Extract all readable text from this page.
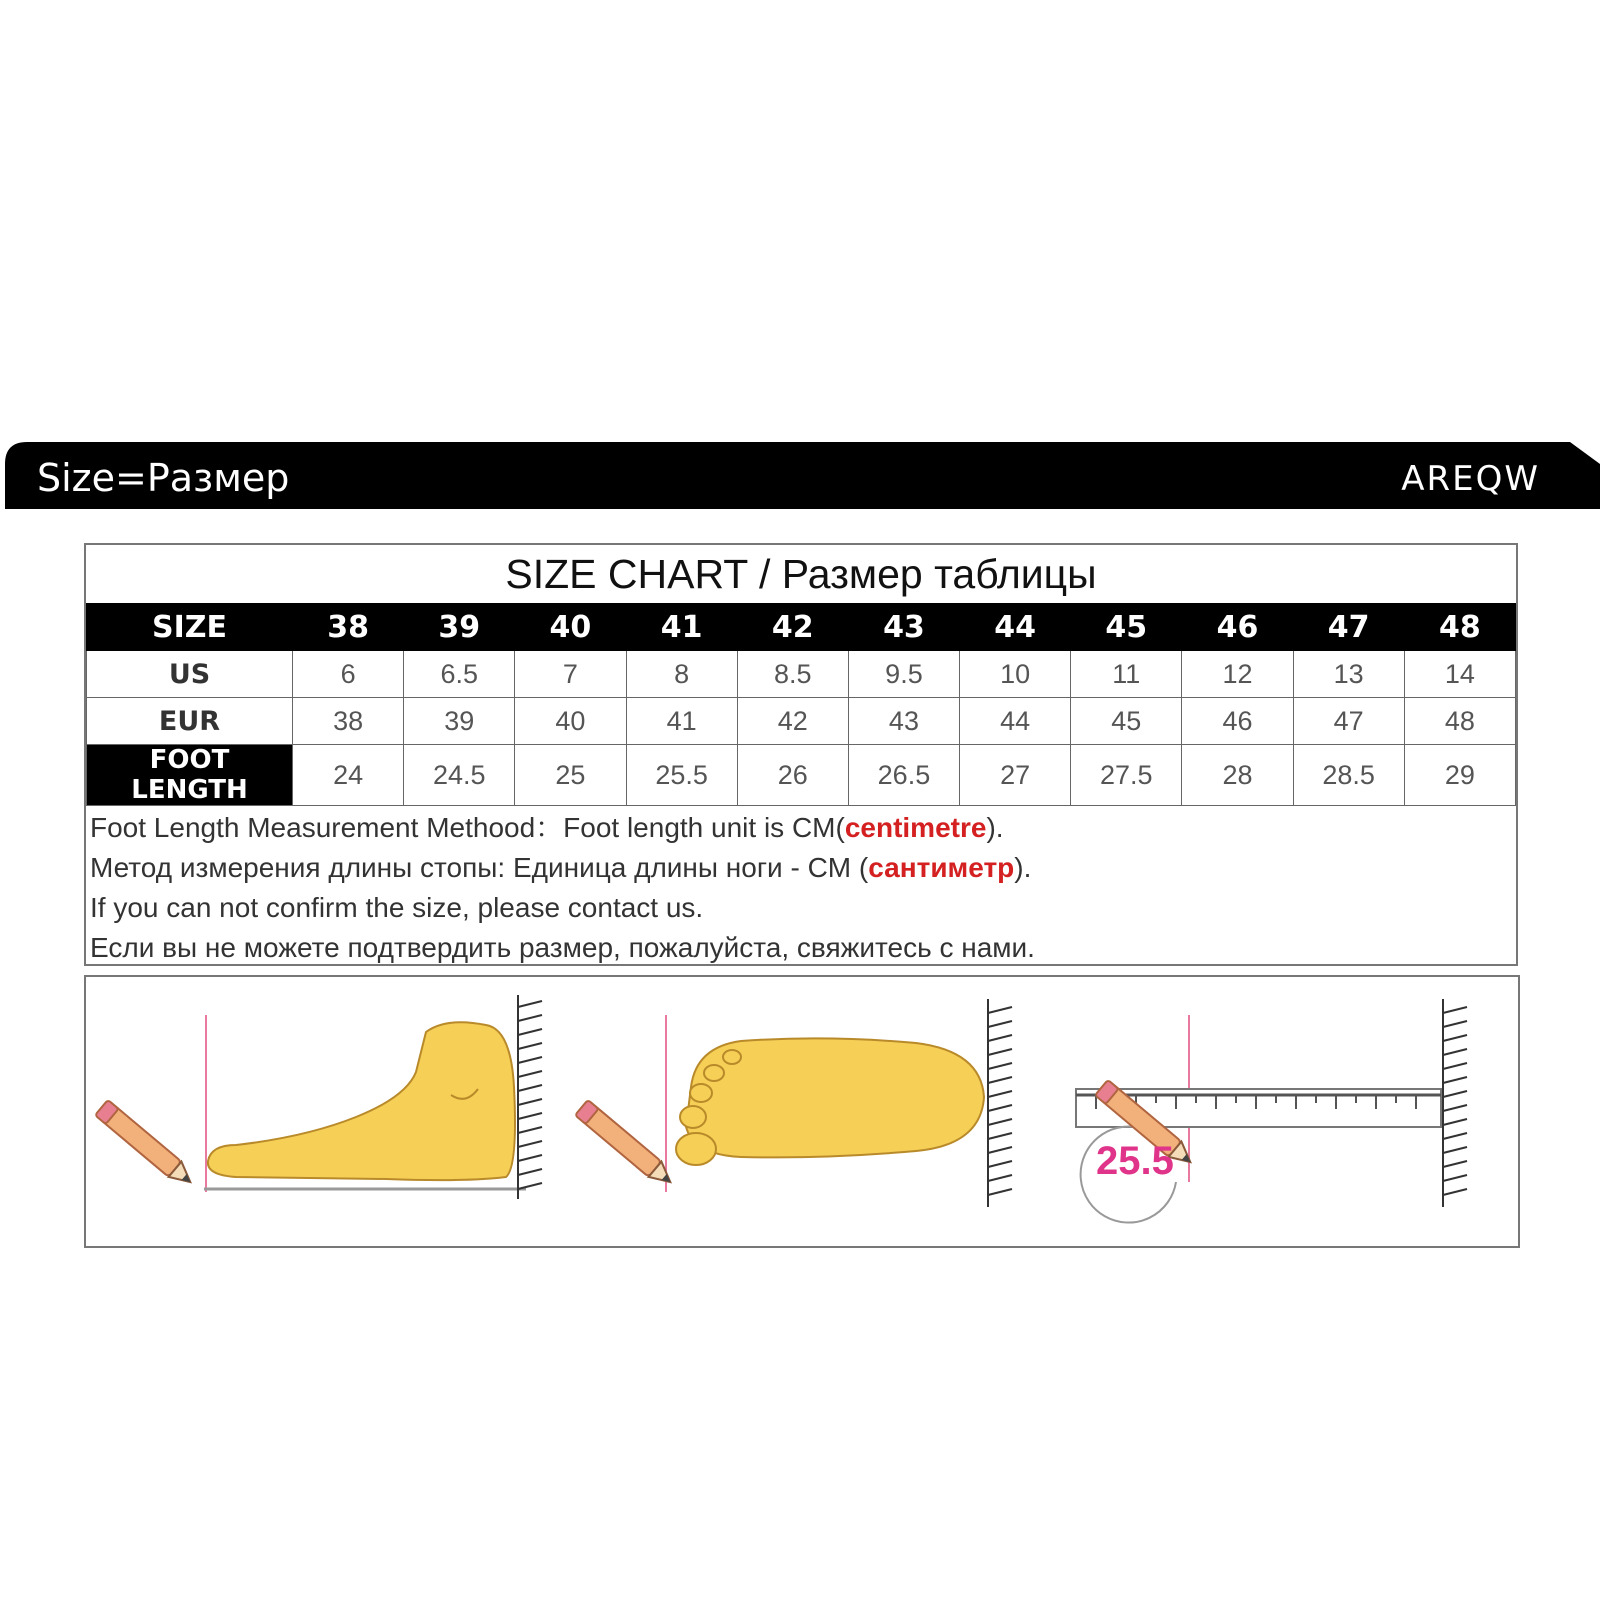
Size=Размер	AREQW
SIZE CHART / Размер таблицы
SIZE	38	39	40	41	42	43	44	45	46	47	48
US	6	6.5	7	8	8.5	9.5	10	11	12	13	14
EUR	38	39	40	41	42	43	44	45	46	47	48
FOOT LENGTH	24	24.5	25	25.5	26	26.5	27	27.5	28	28.5	29
Foot Length Measurement Methood：Foot length unit is CM(centimetre).
Метод измерения длины стопы: Единица длины ноги - CM (сантиметр).
If you can not confirm the size, please contact us.
Если вы не можете подтвердить размер, пожалуйста, свяжитесь с нами.
25.5
